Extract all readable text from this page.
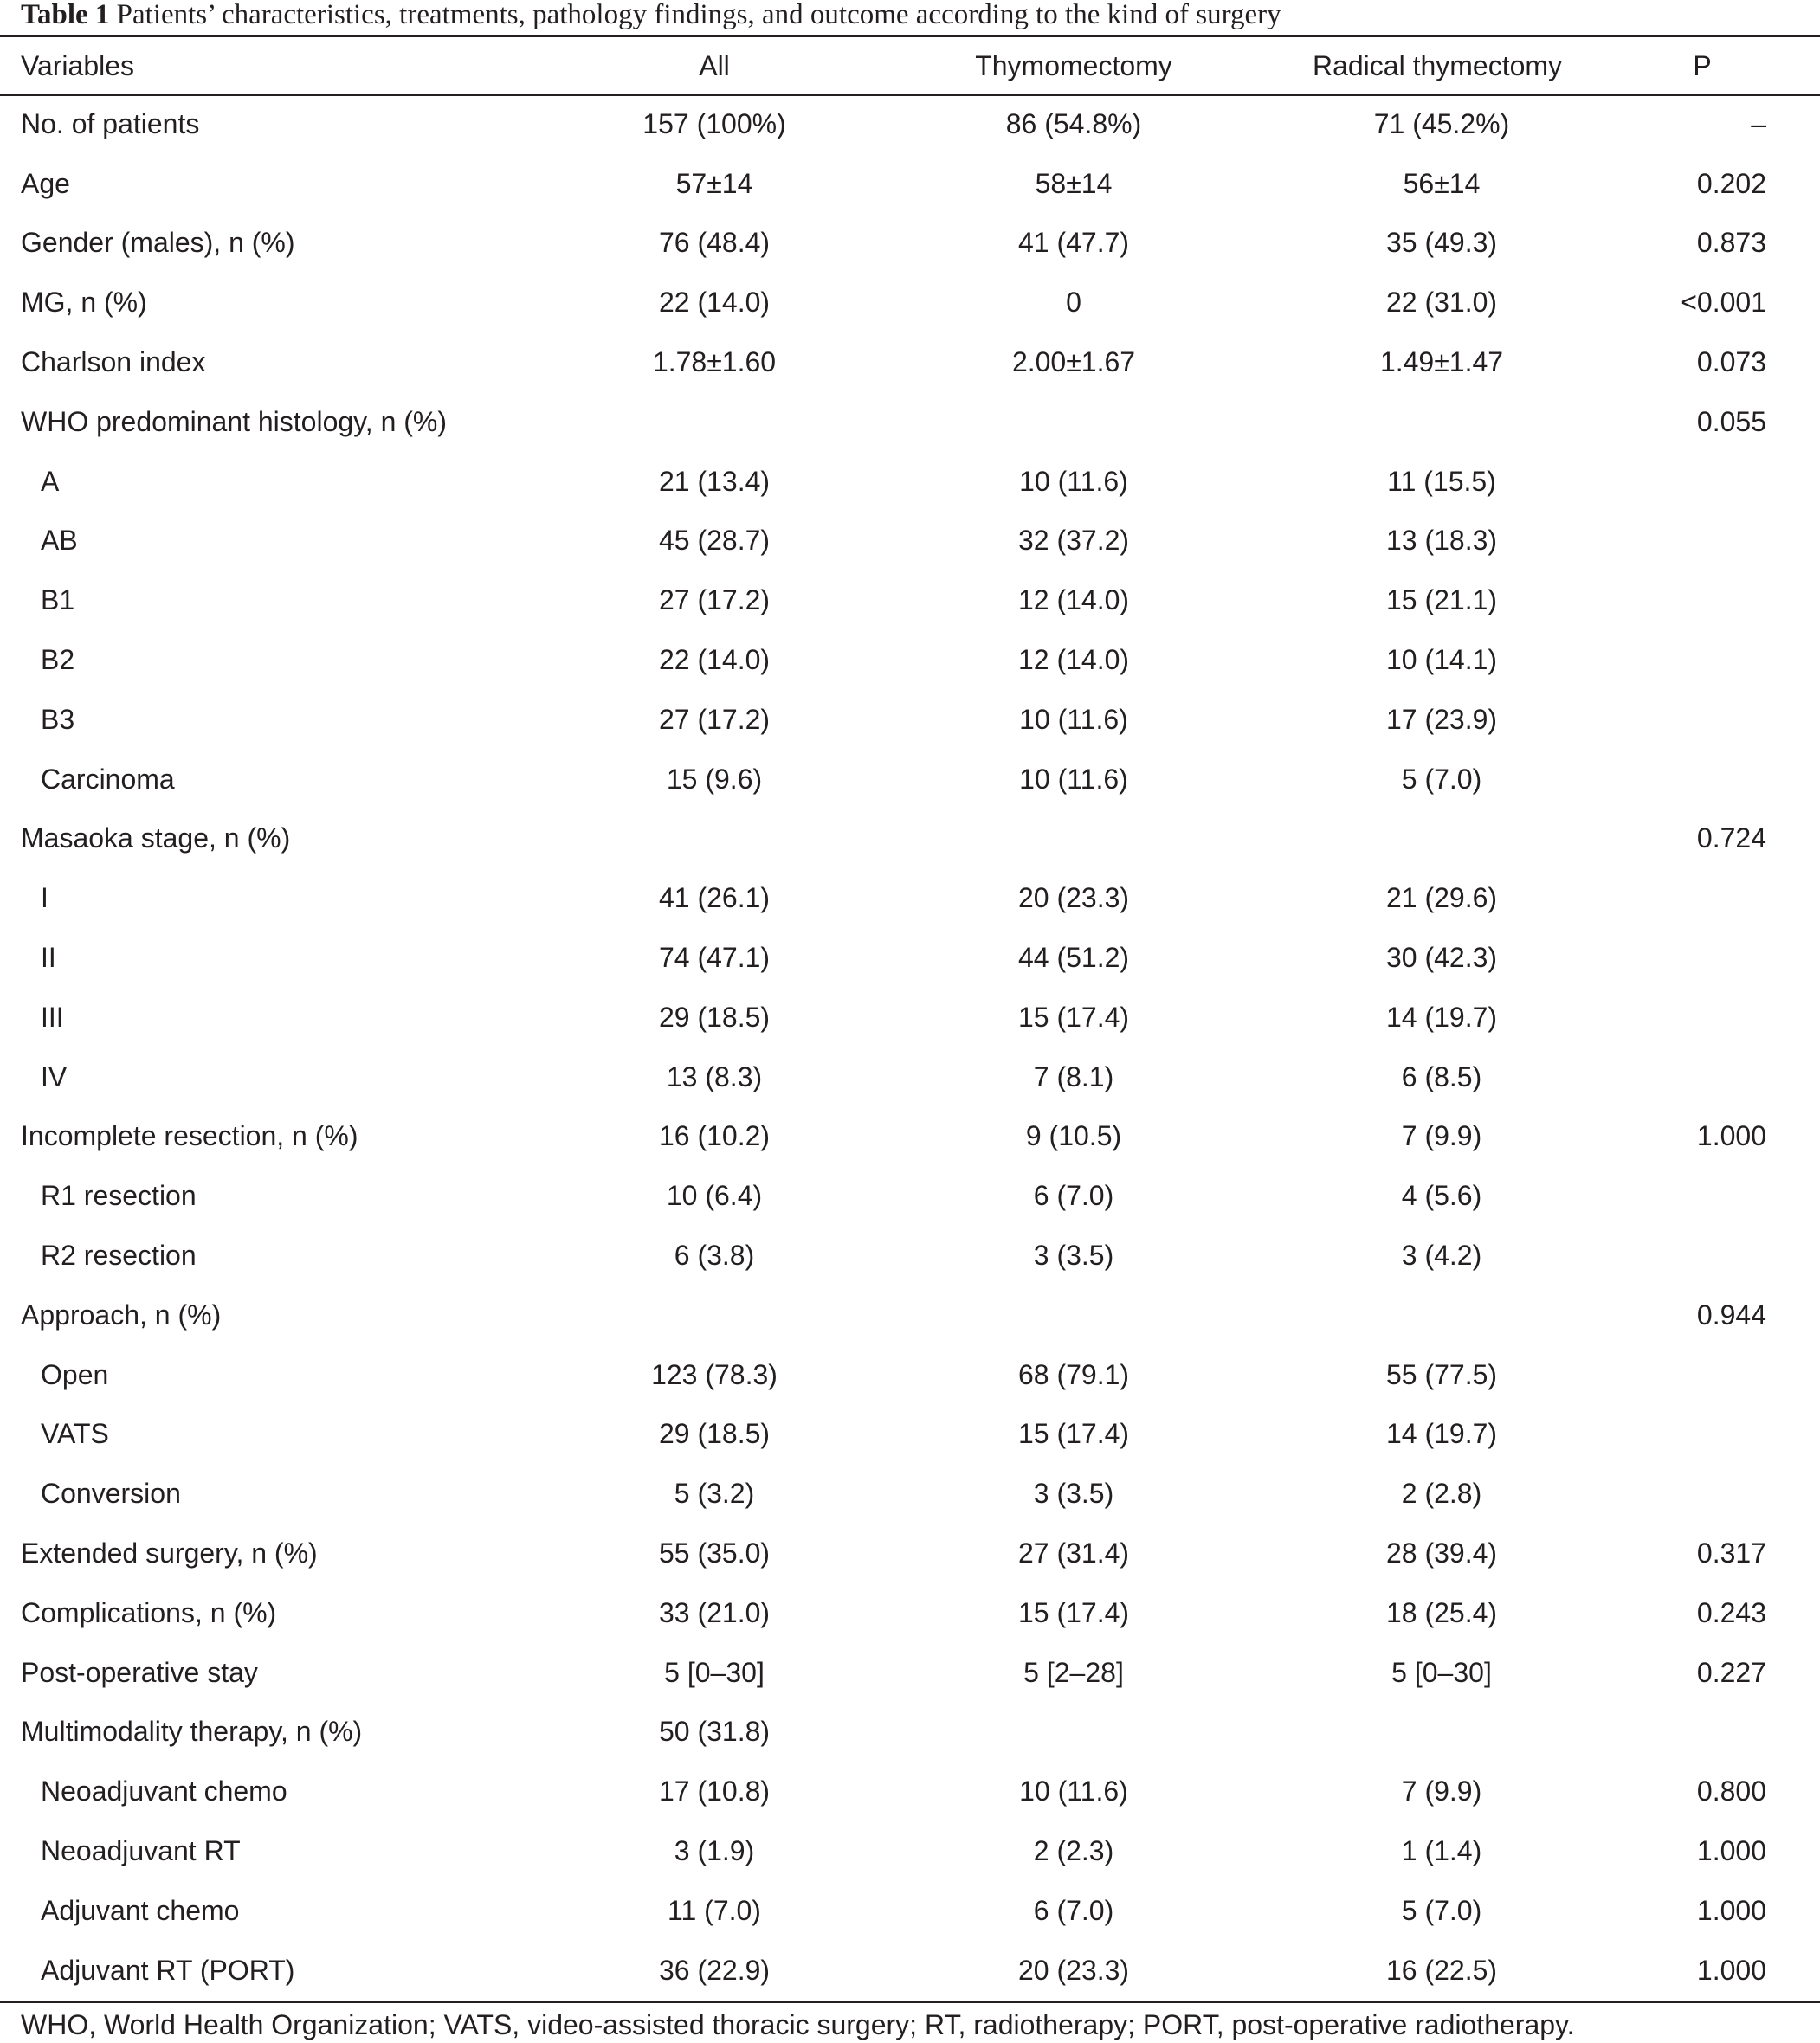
Table 1 Patients’ characteristics, treatments, pathology findings, and outcome according to the kind of surgery
Variables	All	Thymomectomy	Radical thymectomy	P
No. of patients	157 (100%)	86 (54.8%)	71 (45.2%)	–
Age	57±14	58±14	56±14	0.202
Gender (males), n (%)	76 (48.4)	41 (47.7)	35 (49.3)	0.873
MG, n (%)	22 (14.0)	0	22 (31.0)	<0.001
Charlson index	1.78±1.60	2.00±1.67	1.49±1.47	0.073
WHO predominant histology, n (%)				0.055
A	21 (13.4)	10 (11.6)	11 (15.5)	
AB	45 (28.7)	32 (37.2)	13 (18.3)	
B1	27 (17.2)	12 (14.0)	15 (21.1)	
B2	22 (14.0)	12 (14.0)	10 (14.1)	
B3	27 (17.2)	10 (11.6)	17 (23.9)	
Carcinoma	15 (9.6)	10 (11.6)	5 (7.0)	
Masaoka stage, n (%)				0.724
I	41 (26.1)	20 (23.3)	21 (29.6)	
II	74 (47.1)	44 (51.2)	30 (42.3)	
III	29 (18.5)	15 (17.4)	14 (19.7)	
IV	13 (8.3)	7 (8.1)	6 (8.5)	
Incomplete resection, n (%)	16 (10.2)	9 (10.5)	7 (9.9)	1.000
R1 resection	10 (6.4)	6 (7.0)	4 (5.6)	
R2 resection	6 (3.8)	3 (3.5)	3 (4.2)	
Approach, n (%)				0.944
Open	123 (78.3)	68 (79.1)	55 (77.5)	
VATS	29 (18.5)	15 (17.4)	14 (19.7)	
Conversion	5 (3.2)	3 (3.5)	2 (2.8)	
Extended surgery, n (%)	55 (35.0)	27 (31.4)	28 (39.4)	0.317
Complications, n (%)	33 (21.0)	15 (17.4)	18 (25.4)	0.243
Post-operative stay	5 [0–30]	5 [2–28]	5 [0–30]	0.227
Multimodality therapy, n (%)	50 (31.8)			
Neoadjuvant chemo	17 (10.8)	10 (11.6)	7 (9.9)	0.800
Neoadjuvant RT	3 (1.9)	2 (2.3)	1 (1.4)	1.000
Adjuvant chemo	11 (7.0)	6 (7.0)	5 (7.0)	1.000
Adjuvant RT (PORT)	36 (22.9)	20 (23.3)	16 (22.5)	1.000
WHO, World Health Organization; VATS, video-assisted thoracic surgery; RT, radiotherapy; PORT, post-operative radiotherapy.
